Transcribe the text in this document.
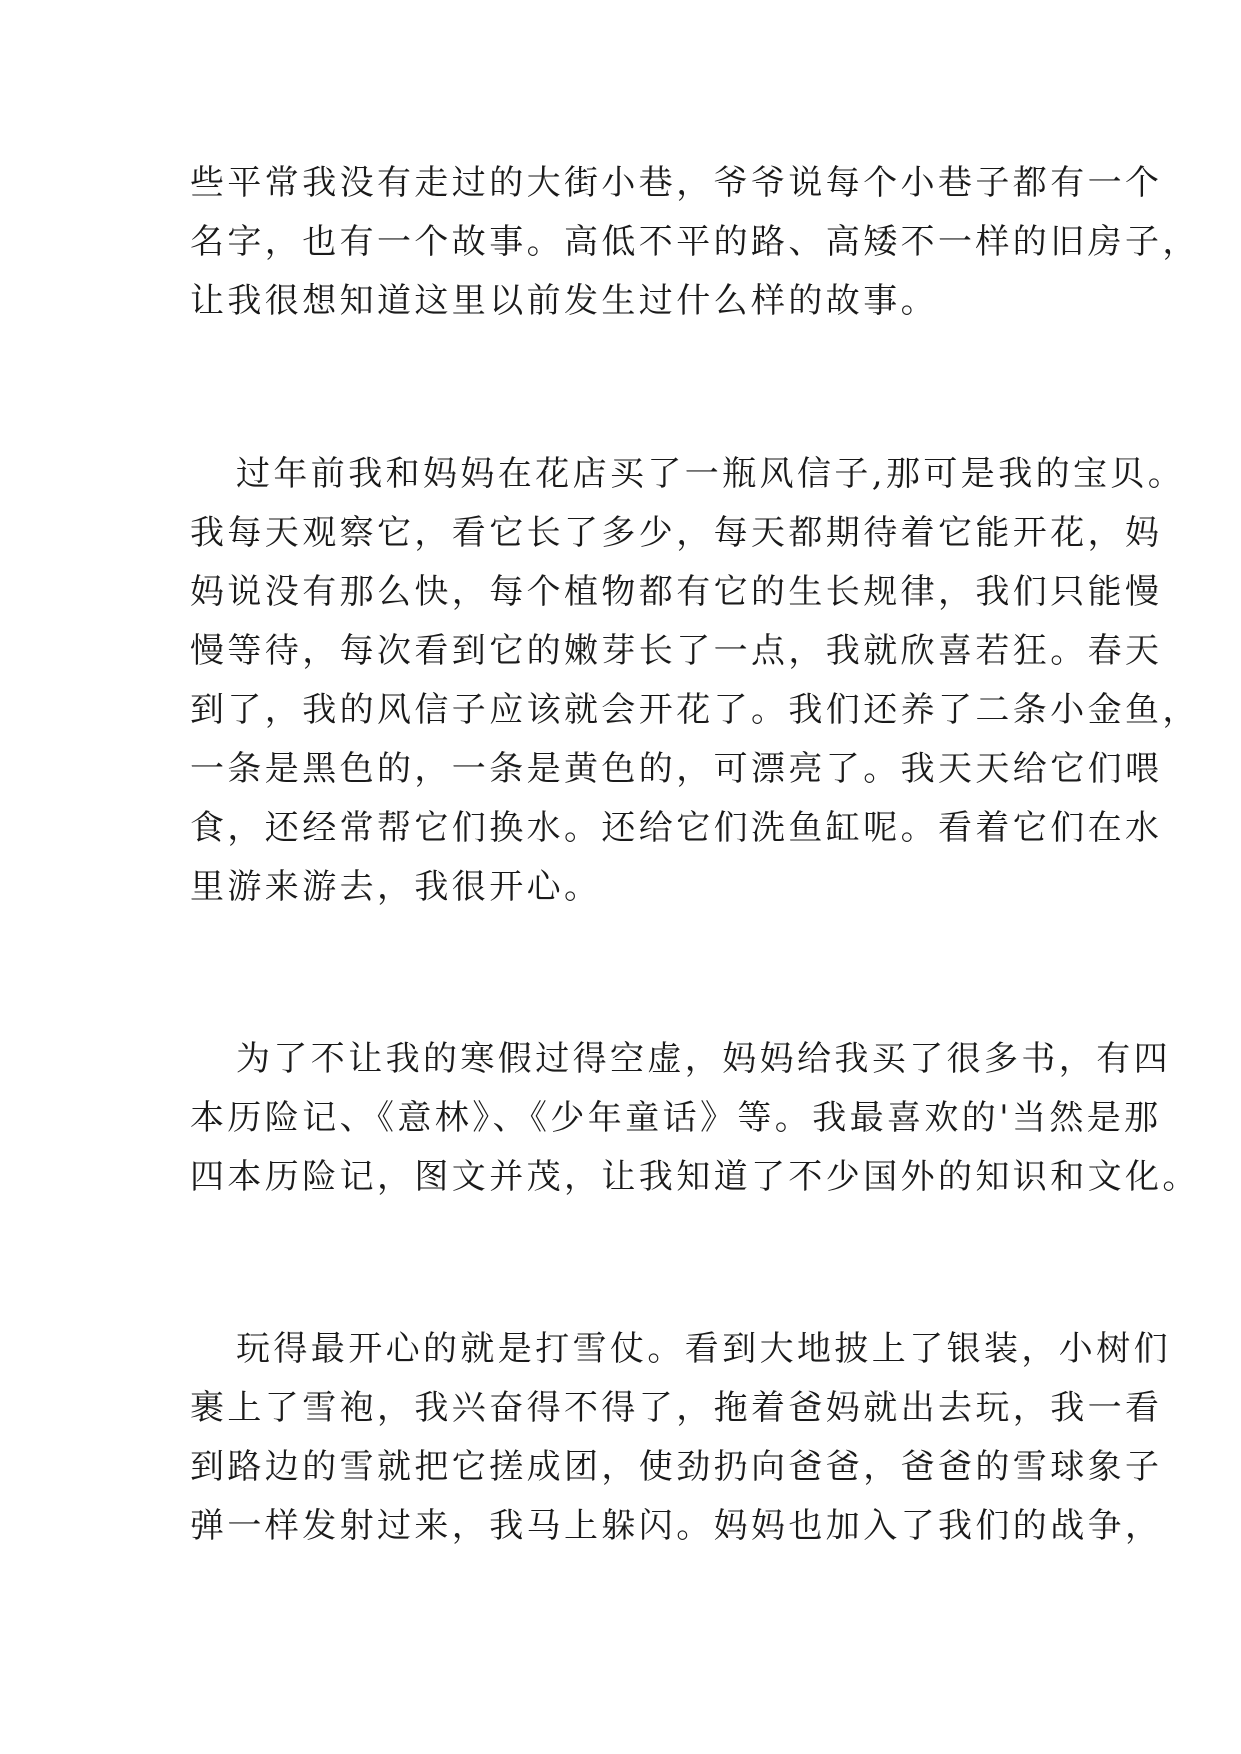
些平常我没有走过的大街小巷，爷爷说每个小巷子都有一个
名字，也有一个故事。高低不平的路、高矮不一样的旧房子，
让我很想知道这里以前发生过什么样的故事。
过年前我和妈妈在花店买了一瓶风信子,那可是我的宝贝。
我每天观察它，看它长了多少，每天都期待着它能开花，妈
妈说没有那么快，每个植物都有它的生长规律，我们只能慢
慢等待，每次看到它的嫩芽长了一点，我就欣喜若狂。春天
到了，我的风信子应该就会开花了。我们还养了二条小金鱼，
一条是黑色的，一条是黄色的，可漂亮了。我天天给它们喂
食，还经常帮它们换水。还给它们洗鱼缸呢。看着它们在水
里游来游去，我很开心。
为了不让我的寒假过得空虚，妈妈给我买了很多书，有四
本历险记、《意林》、《少年童话》等。我最喜欢的'当然是那
四本历险记，图文并茂，让我知道了不少国外的知识和文化。
玩得最开心的就是打雪仗。看到大地披上了银装，小树们
裹上了雪袍，我兴奋得不得了，拖着爸妈就出去玩，我一看
到路边的雪就把它搓成团，使劲扔向爸爸，爸爸的雪球象子
弹一样发射过来，我马上躲闪。妈妈也加入了我们的战争，
